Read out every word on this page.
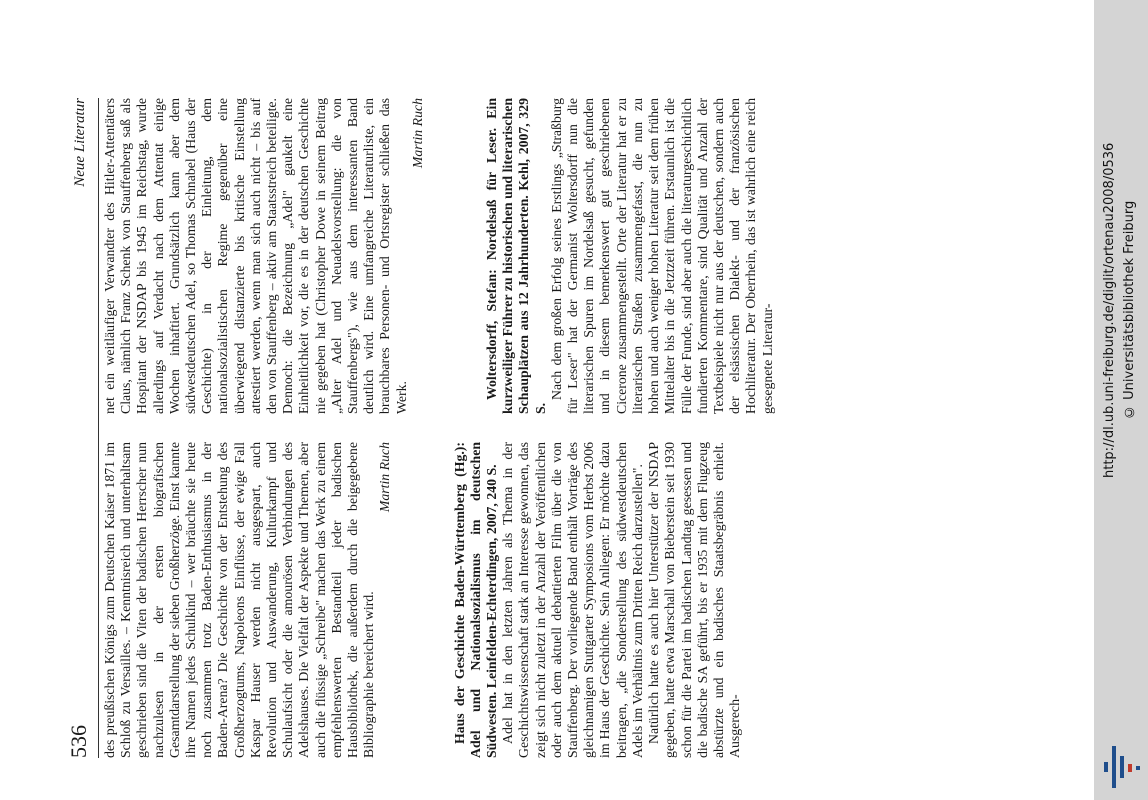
536
Neue Literatur

des preußischen Königs zum Deutschen Kaiser 1871 im Schloß zu Versailles. – Kenntnisreich und unterhaltsam geschrieben sind die Viten der badischen Herrscher nun nachzulesen in der ersten biografischen Gesamtdarstellung der sieben Großherzöge. Einst kannte ihre Namen jedes Schulkind – wer bräuchte sie heute noch zusammen trotz Baden-Enthusiasmus in der Baden-Arena? Die Geschichte von der Entstehung des Großherzogtums, Napoleons Einflüsse, der ewige Fall Kaspar Hauser werden nicht ausgespart, auch Revolution und Auswanderung, Kulturkampf und Schulaufsicht oder die amourösen Verbindungen des Adelshauses. Die Vielfalt der Aspekte und Themen, aber auch die flüssige „Schreibe" machen das Werk zu einem empfehlenswerten Bestandteil jeder badischen Hausbibliothek, die außerdem durch die beigegebene Bibliographie bereichert wird.

Martin Ruch	Haus der Geschichte Baden-Württemberg (Hg.): Adel und Nationalsozialismus im deutschen Südwesten. Leinfelden-Echterdingen, 2007, 240 S. Adel hat in den letzten Jahren als Thema in der Geschichtswissenschaft stark an Interesse gewonnen, das zeigt sich nicht zuletzt in der Anzahl der Veröffentlichen oder auch dem aktuell debattierten Film über die von Stauffenberg. Der vorliegende Band enthält Vorträge des gleichnamigen Stuttgarter Symposions vom Herbst 2006 im Haus der Geschichte. Sein Anliegen: Er möchte dazu beitragen, „die Sonderstellung des südwestdeutschen Adels im Verhältnis zum Dritten Reich darzustellen". Natürlich hatte es auch hier Unterstützer der NSDAP gegeben, hatte etwa Marschall von Bieberstein seit 1930 schon für die Partei im badischen Landtag gesessen und die badische SA geführt, bis er 1935 mit dem Flugzeug abstürzte und ein badisches Staatsbegräbnis erhielt. Ausgerech-

net ein weitläufiger Verwandter des Hitler-Attentäters Claus, nämlich Franz Schenk von Stauffenberg saß als Hospitant der NSDAP bis 1945 im Reichstag, wurde allerdings auf Verdacht nach dem Attentat einige Wochen inhaftiert. Grundsätzlich kann aber dem südwestdeutschen Adel, so Thomas Schnabel (Haus der Geschichte) in der Einleitung, dem nationalsozialistischen Regime gegenüber eine überwiegend distanzierte bis kritische Einstellung attestiert werden, wenn man sich auch nicht – bis auf den von Stauffenberg – aktiv am Staatsstreich beteiligte. Dennoch: die Bezeichnung „Adel" gaukelt eine Einheitlichkeit vor, die es in der deutschen Geschichte nie gegeben hat (Christopher Dowe in seinem Beitrag „Alter Adel und Neuadelsvorstellung: die von Stauffenbergs"), wie aus dem interessanten Band deutlich wird. Eine umfangreiche Literaturliste, ein brauchbares Personen- und Ortsregister schließen das Werk.

Martin Ruch	Woltersdorff, Stefan: Nordelsaß für Leser. Ein kurzweiliger Führer zu historischen und literarischen Schauplätzen aus 12 Jahrhunderten. Kehl, 2007, 329 S.

Nach dem großen Erfolg seines Erstlings „Straßburg für Leser" hat der Germanist Woltersdorff nun die literarischen Spuren im Nordelsaß gesucht, gefunden und in diesem bemerkenswert gut geschriebenen Cicerone zusammengestellt. Orte der Literatur hat er zu literarischen Straßen zusammengefasst, die nun zu hohen und auch weniger hohen Literatur seit dem frühen Mittelalter bis in die Jetztzeit führen. Erstaunlich ist die Fülle der Funde, sind aber auch die literaturgeschichtlich fundierten Kommentare, sind Qualität und Anzahl der Textbeispiele nicht nur aus der deutschen, sondern auch der elsässischen Dialekt- und der französischen Hochliteratur. Der Oberrhein, das ist wahrlich eine reich gesegnete Literatur-	http://dl.ub.uni-freiburg.de/diglit/ortenau2008/0536 © Universitätsbibliothek Freiburg
